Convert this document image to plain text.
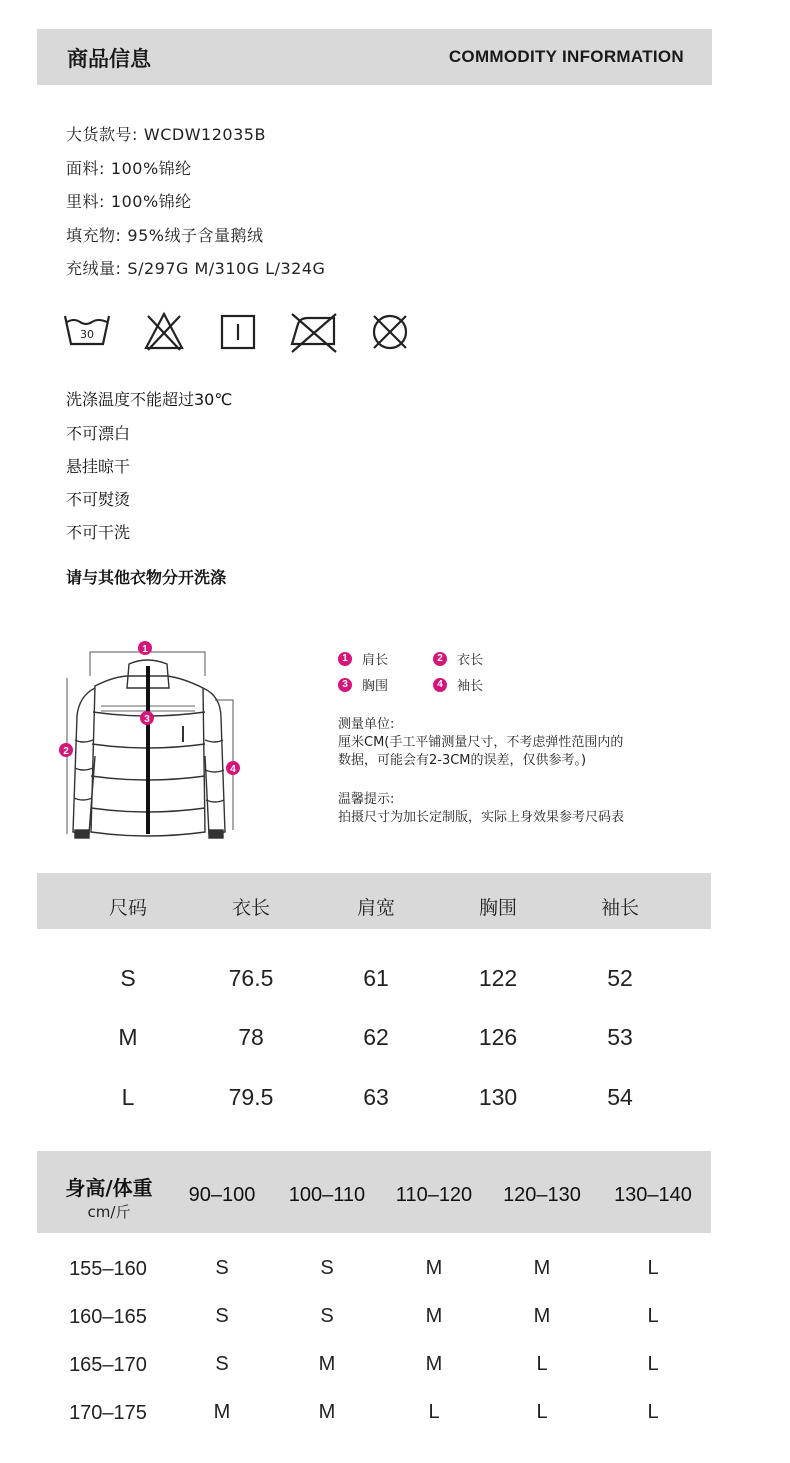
商品信息	COMMODITY INFORMATION
大货款号: WCDW12035B
面料: 100%锦纶
里料: 100%锦纶
填充物: 95%绒子含量鹅绒
充绒量: S/297G M/310G L/324G
30
洗涤温度不能超过30℃
不可漂白
悬挂晾干
不可熨烫
不可干洗
请与其他衣物分开洗涤
1
2
3
4
1	肩长	2	衣长
3	胸围	4	袖长
测量单位:
厘米CM(手工平铺测量尺寸，不考虑弹性范围内的
数据，可能会有2-3CM的误差，仅供参考。)
温馨提示:
拍摄尺寸为加长定制版，实际上身效果参考尺码表
尺码	衣长	肩宽	胸围	袖长
S	76.5	61	122	52
M	78	62	126	53
L	79.5	63	130	54
身高/体重
cm/斤
90–100 100–110 110–120 120–130 130–140
155–160	S	S	M	M	L
160–165	S	S	M	M	L
165–170	S	M	M	L	L
170–175	M	M	L	L	L
